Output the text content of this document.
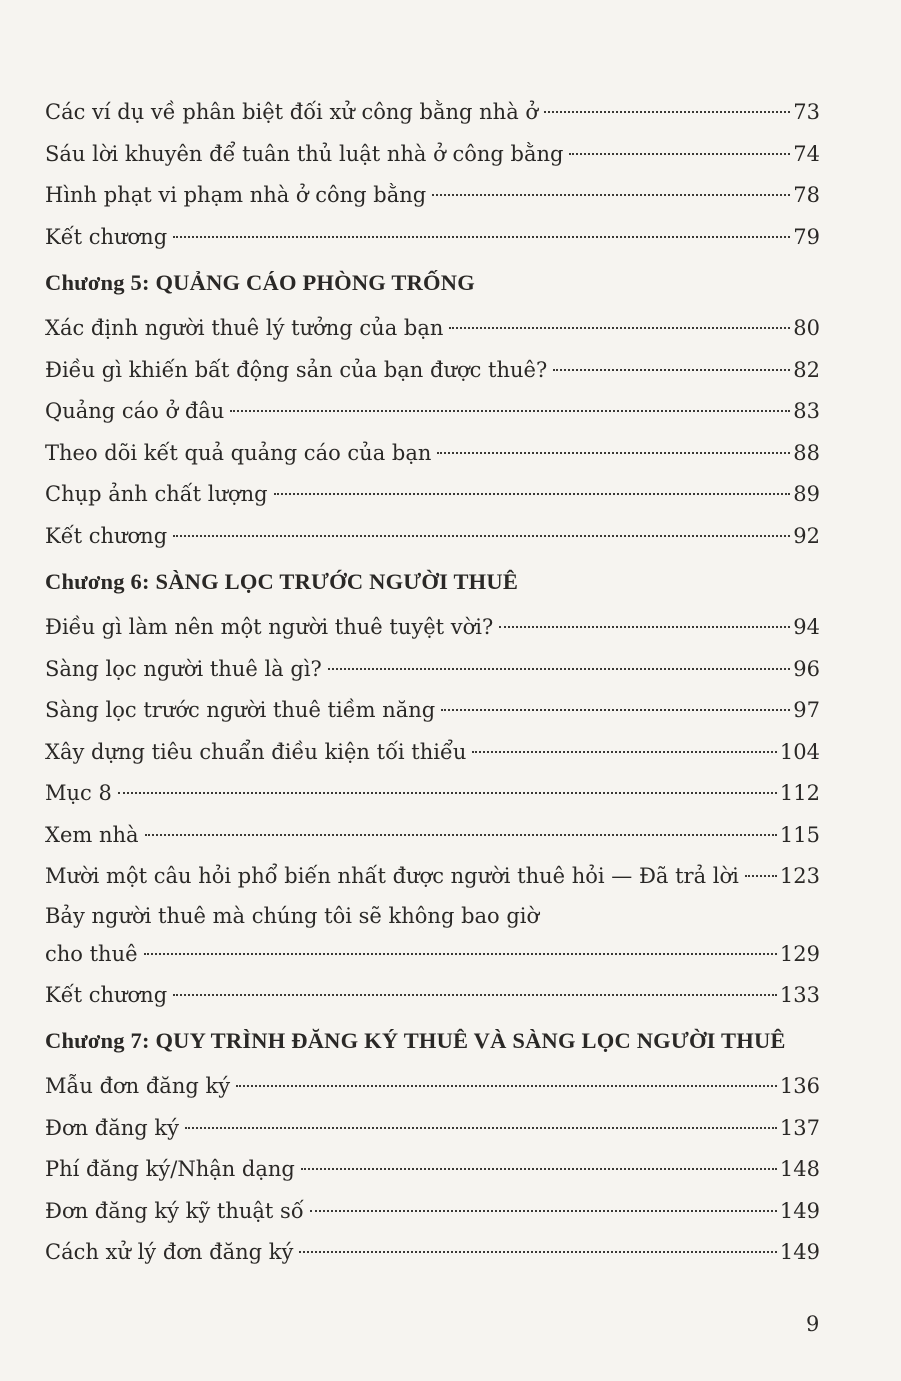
Các ví dụ về phân biệt đối xử công bằng nhà ở	73
Sáu lời khuyên để tuân thủ luật nhà ở công bằng	74
Hình phạt vi phạm nhà ở công bằng	78
Kết chương	79
Chương 5: QUẢNG CÁO PHÒNG TRỐNG
Xác định người thuê lý tưởng của bạn	80
Điều gì khiến bất động sản của bạn được thuê?	82
Quảng cáo ở đâu	83
Theo dõi kết quả quảng cáo của bạn	88
Chụp ảnh chất lượng	89
Kết chương	92
Chương 6: SÀNG LỌC TRƯỚC NGƯỜI THUÊ
Điều gì làm nên một người thuê tuyệt vời?	94
Sàng lọc người thuê là gì?	96
Sàng lọc trước người thuê tiềm năng	97
Xây dựng tiêu chuẩn điều kiện tối thiểu	104
Mục 8	112
Xem nhà	115
Mười một câu hỏi phổ biến nhất được người thuê hỏi — Đã trả lời 123
Bảy người thuê mà chúng tôi sẽ không bao giờ
cho thuê	129
Kết chương	133
Chương 7: QUY TRÌNH ĐĂNG KÝ THUÊ VÀ SÀNG LỌC NGƯỜI THUÊ
Mẫu đơn đăng ký	136
Đơn đăng ký	137
Phí đăng ký/Nhận dạng	148
Đơn đăng ký kỹ thuật số	149
Cách xử lý đơn đăng ký	149
9
